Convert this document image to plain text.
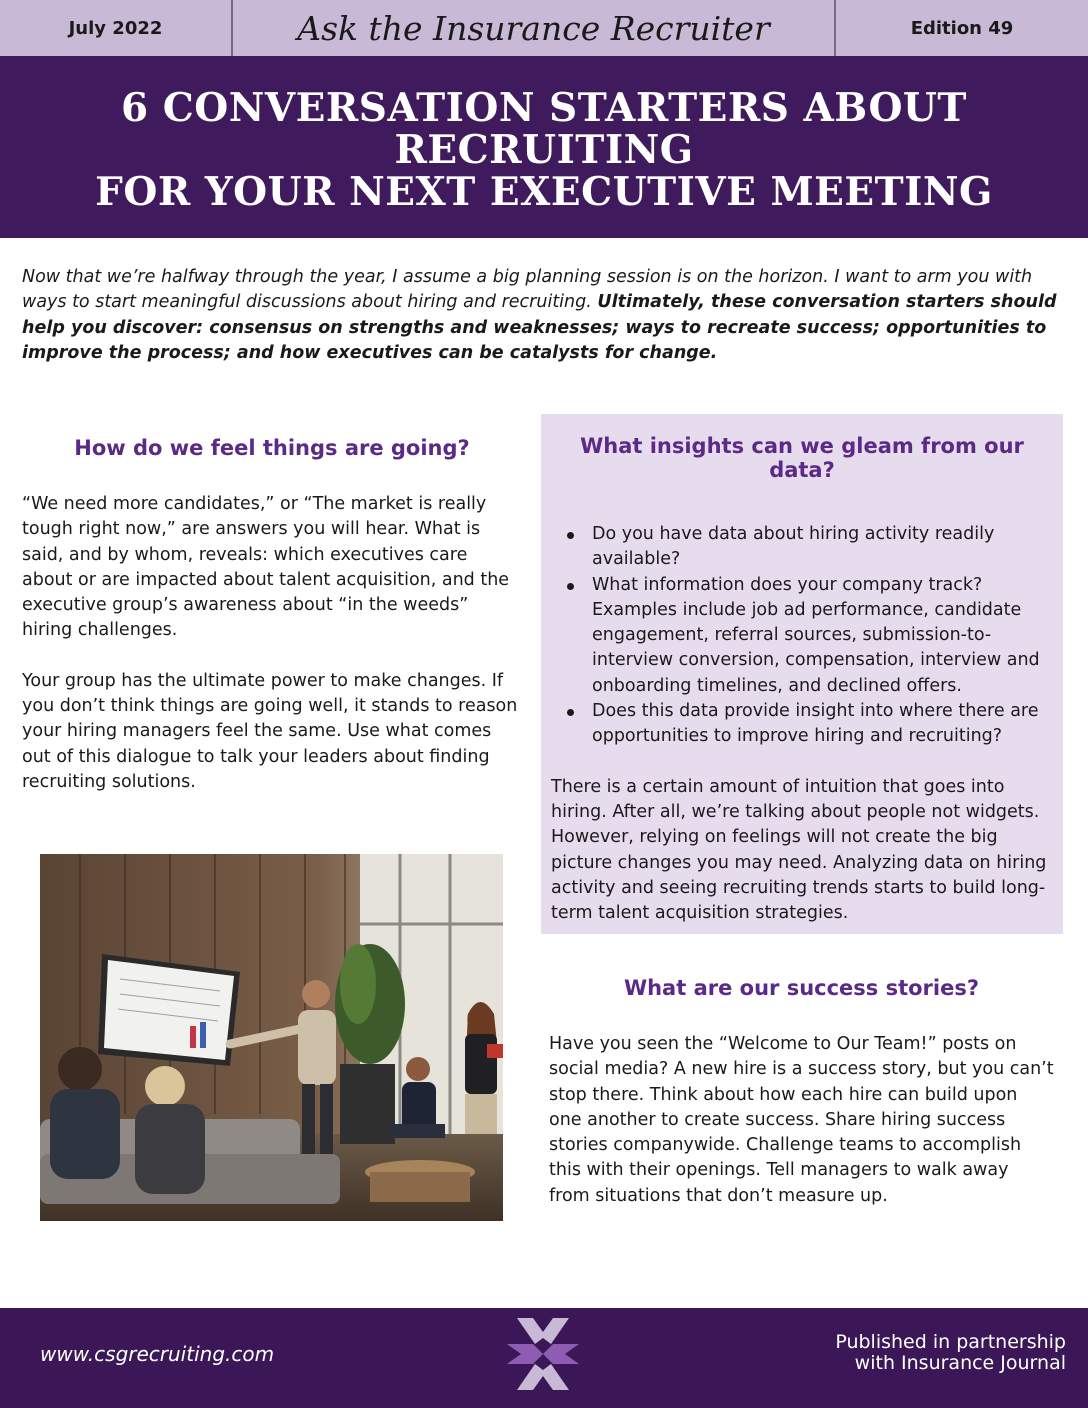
July 2022	Ask the Insurance Recruiter	Edition 49
6 CONVERSATION STARTERS ABOUT RECRUITING
FOR YOUR NEXT EXECUTIVE MEETING

Now that we’re halfway through the year, I assume a big planning session is on the horizon. I want to arm you with ways to start meaningful discussions about hiring and recruiting. Ultimately, these conversation starters should help you discover: consensus on strengths and weaknesses; ways to recreate success; opportunities to improve the process; and how executives can be catalysts for change.

How do we feel things are going?

“We need more candidates,” or “The market is really tough right now,” are answers you will hear. What is said, and by whom, reveals: which executives care about or are impacted about talent acquisition, and the executive group’s awareness about “in the weeds” hiring challenges.

Your group has the ultimate power to make changes. If you don’t think things are going well, it stands to reason your hiring managers feel the same. Use what comes out of this dialogue to talk your leaders about finding recruiting solutions.

What insights can we gleam from our data?
Do you have data about hiring activity readily available?
What information does your company track? Examples include job ad performance, candidate engagement, referral sources, submission-to-interview conversion, compensation, interview and onboarding timelines, and declined offers.
Does this data provide insight into where there are opportunities to improve hiring and recruiting?

There is a certain amount of intuition that goes into hiring. After all, we’re talking about people not widgets. However, relying on feelings will not create the big picture changes you may need. Analyzing data on hiring activity and seeing recruiting trends starts to build long-term talent acquisition strategies.

What are our success stories?

Have you seen the “Welcome to Our Team!” posts on social media? A new hire is a success story, but you can’t stop there. Think about how each hire can build upon one another to create success. Share hiring success stories companywide. Challenge teams to accomplish this with their openings. Tell managers to walk away from situations that don’t measure up.

www.csgrecruiting.com	Published in partnership
with Insurance Journal
